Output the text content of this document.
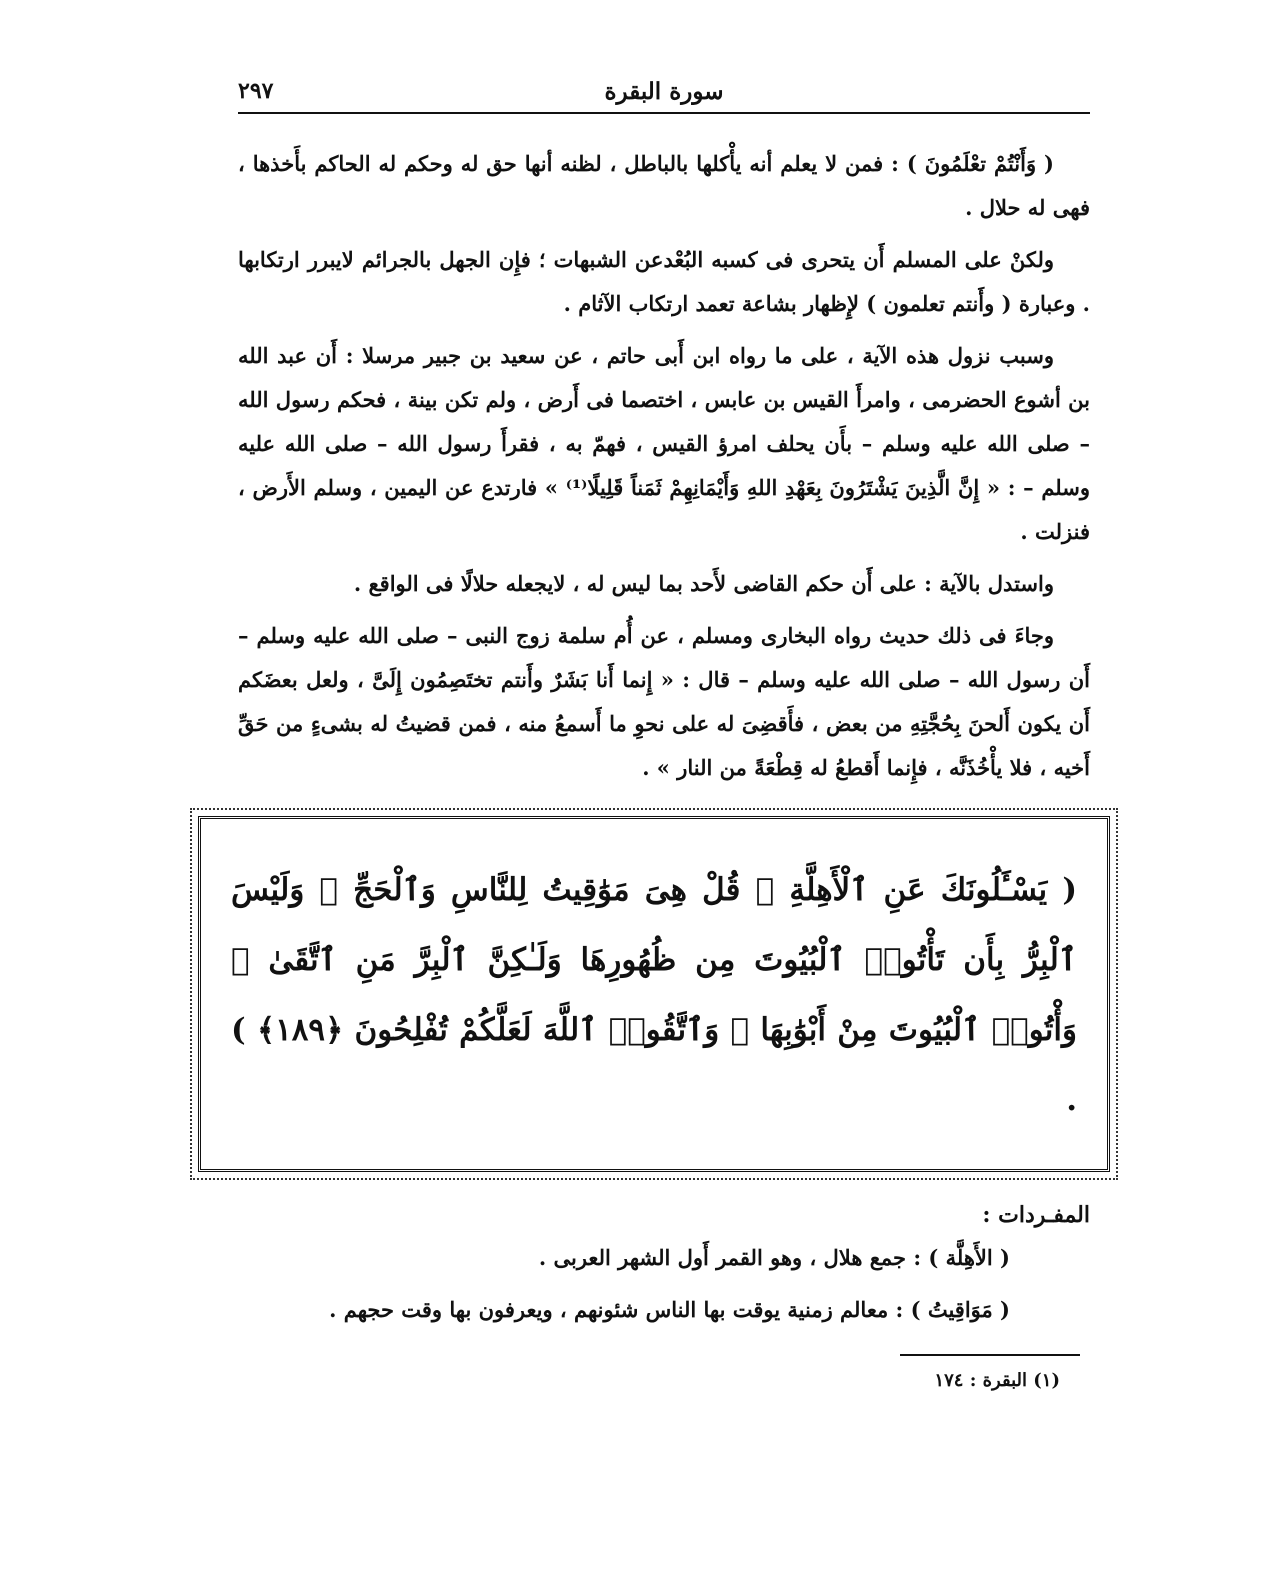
سورة البقرة
٢٩٧

( وَأَنْتُمْ تعْلَمُونَ ) : فمن لا يعلم أنه يأْكلها بالباطل ، لظنه أنها حق له وحكم له الحاكم بأَخذها ، فهى له حلال .

ولكنْ على المسلم أَن يتحرى فى كسبه البُعْدعن الشبهات ؛ فإِن الجهل بالجرائم لايبرر ارتكابها . وعبارة ( وأَنتم تعلمون ) لإِظهار بشاعة تعمد ارتكاب الآثام .

وسبب نزول هذه الآية ، على ما رواه ابن أَبى حاتم ، عن سعيد بن جبير مرسلا : أَن عبد الله بن أشوع الحضرمى ، وامرأَ القيس بن عابس ، اختصما فى أَرض ، ولم تكن بينة ، فحكم رسول الله – صلى الله عليه وسلم – بأَن يحلف امرؤ القيس ، فهمّ به ، فقرأَ رسول الله – صلى الله عليه وسلم – : « إِنَّ الَّذِينَ يَشْتَرُونَ بِعَهْدِ اللهِ وَأَيْمَانِهِمْ ثَمَناً قَلِيلًا⁽¹⁾ » فارتدع عن اليمين ، وسلم الأَرض ، فنزلت .

واستدل بالآية : على أَن حكم القاضى لأَحد بما ليس له ، لايجعله حلالًا فى الواقع .

وجاءَ فى ذلك حديث رواه البخارى ومسلم ، عن أُم سلمة زوج النبى – صلى الله عليه وسلم – أَن رسول الله – صلى الله عليه وسلم – قال : « إِنما أَنا بَشَرٌ وأَنتم تختَصِمُون إِلَىَّ ، ولعل بعضَكم أَن يكون أَلحنَ بِحُجَّتِهِ من بعض ، فأَقضِىَ له على نحوِ ما أَسمعُ منه ، فمن قضيتُ له بشىءٍ من حَقِّ أَخيه ، فلا يأْخُذَنَّه ، فإِنما أَقطعُ له قِطْعَةً من النار » .

( يَسْـَٔلُونَكَ عَنِ ٱلْأَهِلَّةِ ۖ قُلْ هِىَ مَوَٰقِيتُ لِلنَّاسِ وَٱلْحَجِّ ۗ وَلَيْسَ ٱلْبِرُّ بِأَن تَأْتُوا۟ ٱلْبُيُوتَ مِن ظُهُورِهَا وَلَـٰكِنَّ ٱلْبِرَّ مَنِ ٱتَّقَىٰ ۗ وَأْتُوا۟ ٱلْبُيُوتَ مِنْ أَبْوَٰبِهَا ۚ وَٱتَّقُوا۟ ٱللَّهَ لَعَلَّكُمْ تُفْلِحُونَ ﴿١٨٩﴾ ) .
المفـردات :
( الأَهِلَّة ) : جمع هلال ، وهو القمر أَول الشهر العربى .
( مَوَاقِيتُ ) : معالم زمنية يوقت بها الناس شئونهم ، ويعرفون بها وقت حجهم .
(١) البقرة : ١٧٤
